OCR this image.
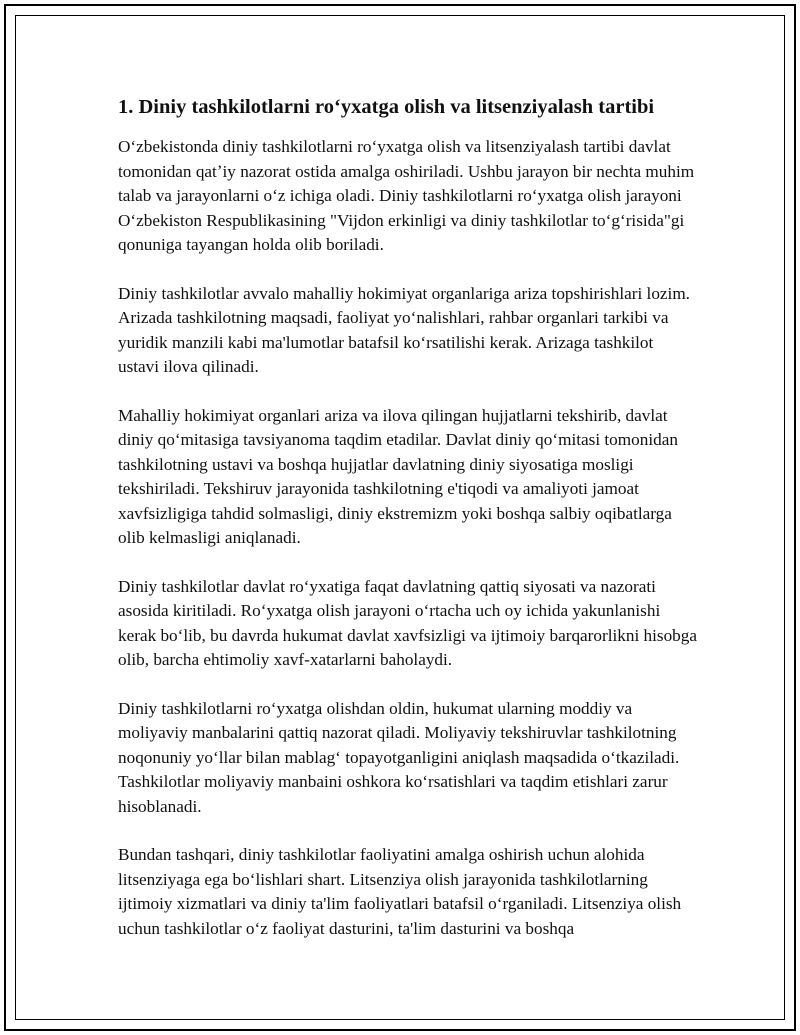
1. Diniy tashkilotlarni roʻyxatga olish va litsenziyalash tartibi

Oʻzbekistonda diniy tashkilotlarni roʻyxatga olish va litsenziyalash tartibi davlat tomonidan qatʼiy nazorat ostida amalga oshiriladi. Ushbu jarayon bir nechta muhim talab va jarayonlarni oʻz ichiga oladi. Diniy tashkilotlarni roʻyxatga olish jarayoni Oʻzbekiston Respublikasining "Vijdon erkinligi va diniy tashkilotlar toʻgʻrisida"gi qonuniga tayangan holda olib boriladi.

Diniy tashkilotlar avvalo mahalliy hokimiyat organlariga ariza topshirishlari lozim. Arizada tashkilotning maqsadi, faoliyat yoʻnalishlari, rahbar organlari tarkibi va yuridik manzili kabi ma'lumotlar batafsil koʻrsatilishi kerak. Arizaga tashkilot ustavi ilova qilinadi.

Mahalliy hokimiyat organlari ariza va ilova qilingan hujjatlarni tekshirib, davlat diniy qoʻmitasiga tavsiyanoma taqdim etadilar. Davlat diniy qoʻmitasi tomonidan tashkilotning ustavi va boshqa hujjatlar davlatning diniy siyosatiga mosligi tekshiriladi. Tekshiruv jarayonida tashkilotning e'tiqodi va amaliyoti jamoat xavfsizligiga tahdid solmasligi, diniy ekstremizm yoki boshqa salbiy oqibatlarga olib kelmasligi aniqlanadi.

Diniy tashkilotlar davlat roʻyxatiga faqat davlatning qattiq siyosati va nazorati asosida kiritiladi. Roʻyxatga olish jarayoni oʻrtacha uch oy ichida yakunlanishi kerak boʻlib, bu davrda hukumat davlat xavfsizligi va ijtimoiy barqarorlikni hisobga olib, barcha ehtimoliy xavf-xatarlarni baholaydi.

Diniy tashkilotlarni roʻyxatga olishdan oldin, hukumat ularning moddiy va moliyaviy manbalarini qattiq nazorat qiladi. Moliyaviy tekshiruvlar tashkilotning noqonuniy yoʻllar bilan mablagʻ topayotganligini aniqlash maqsadida oʻtkaziladi. Tashkilotlar moliyaviy manbaini oshkora koʻrsatishlari va taqdim etishlari zarur hisoblanadi.

Bundan tashqari, diniy tashkilotlar faoliyatini amalga oshirish uchun alohida litsenziyaga ega boʻlishlari shart. Litsenziya olish jarayonida tashkilotlarning ijtimoiy xizmatlari va diniy ta'lim faoliyatlari batafsil oʻrganiladi. Litsenziya olish uchun tashkilotlar oʻz faoliyat dasturini, ta'lim dasturini va boshqa
